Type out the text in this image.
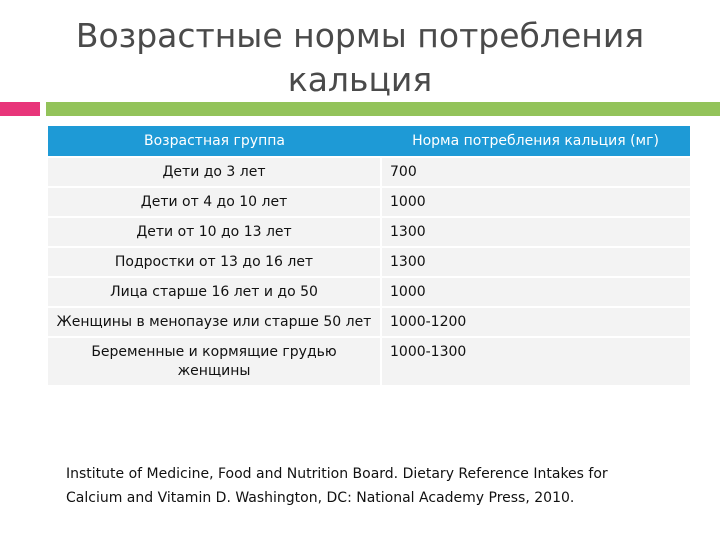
Возрастные нормы потребления кальция
Возрастная группа	Норма потребления кальция (мг)
Дети до 3 лет	700
Дети от 4 до 10 лет	1000
Дети от 10 до 13 лет	1300
Подростки от 13 до 16 лет	1300
Лица старше 16 лет и до 50	1000
Женщины в менопаузе или старше 50 лет	1000-1200
Беременные и кормящие грудью женщины	1000-1300

Institute of Medicine, Food and Nutrition Board. Dietary Reference Intakes for Calcium and Vitamin D. Washington, DC: National Academy Press, 2010.
